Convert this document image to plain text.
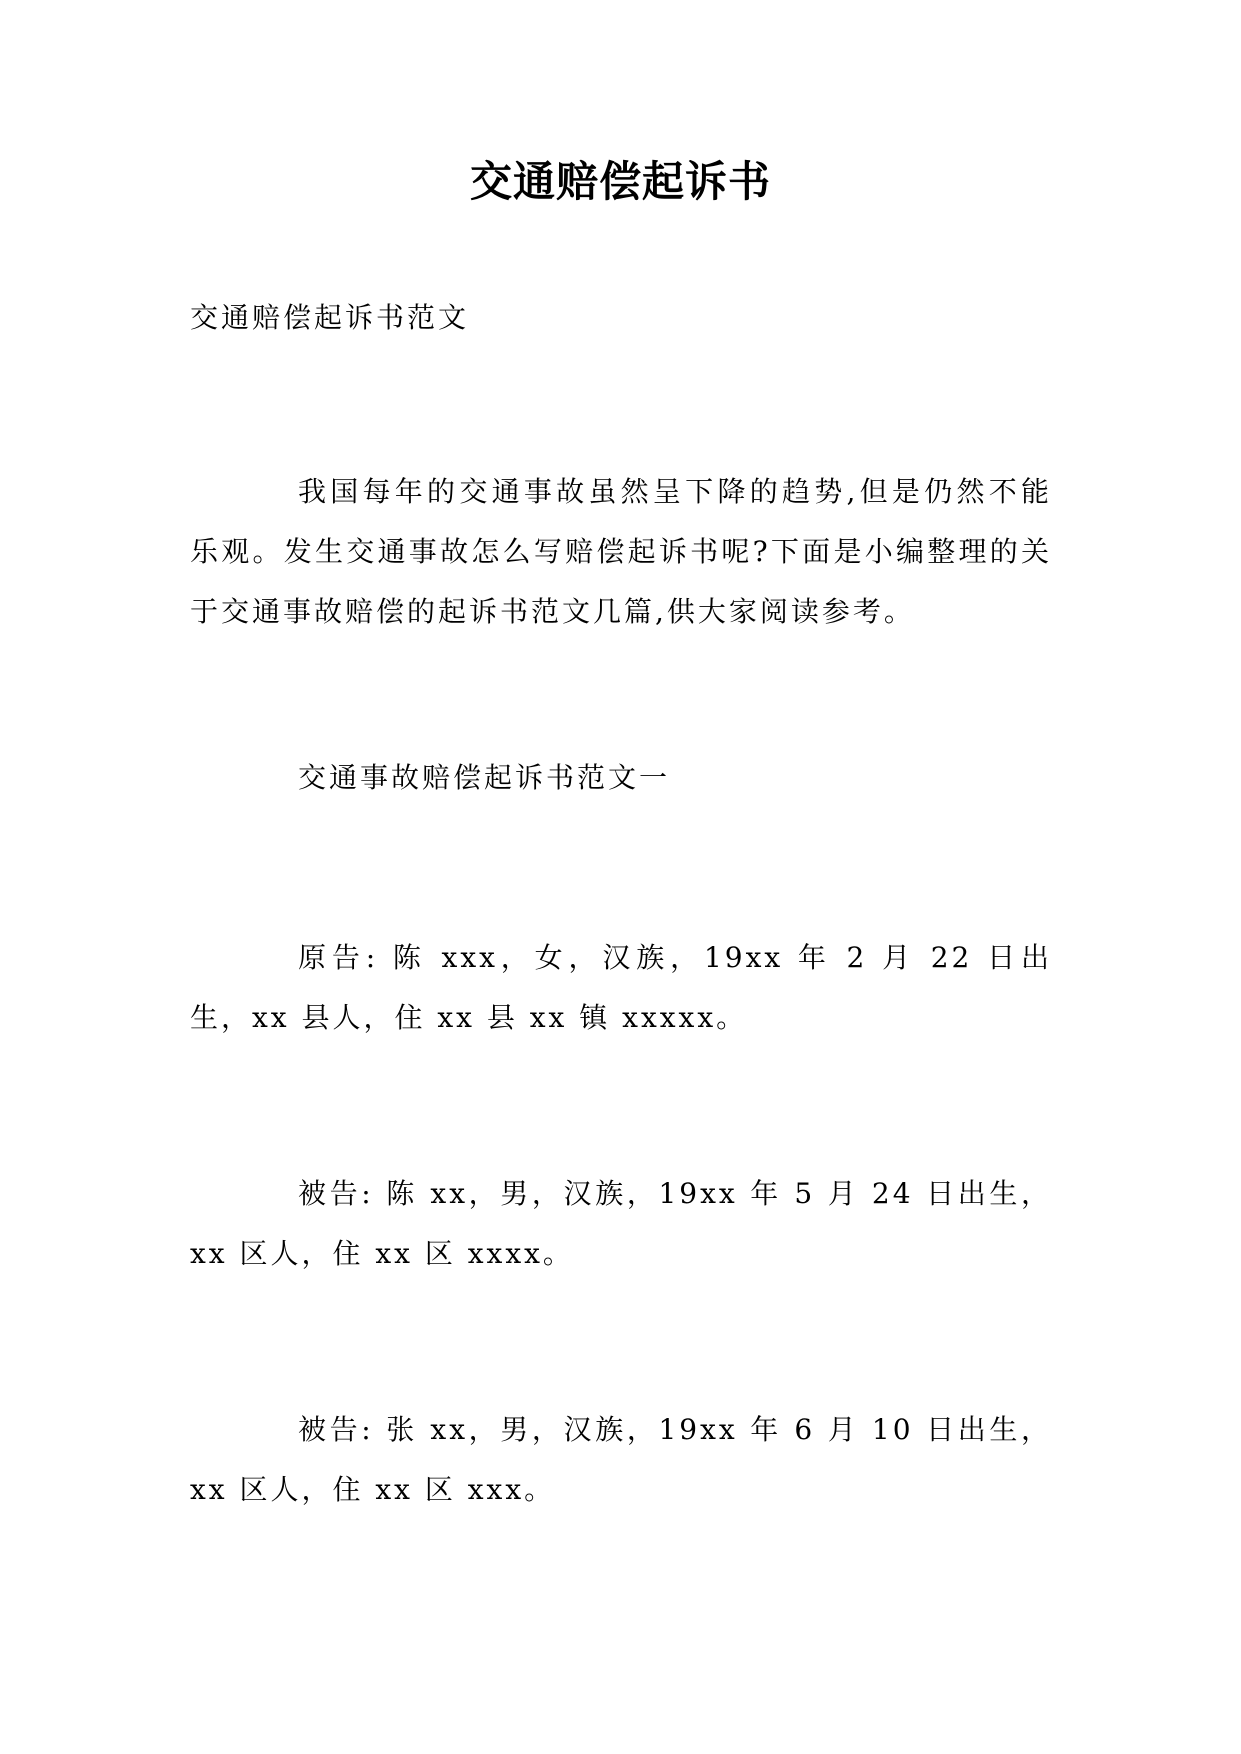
交通赔偿起诉书
交通赔偿起诉书范文
我国每年的交通事故虽然呈下降的趋势,但是仍然不能乐观。发生交通事故怎么写赔偿起诉书呢?下面是小编整理的关于交通事故赔偿的起诉书范文几篇,供大家阅读参考。
交通事故赔偿起诉书范文一
原告: 陈 xxx，女，汉族，19xx 年 2 月 22 日出生，xx 县人，住 xx 县 xx 镇 xxxxx。
被告: 陈 xx，男，汉族，19xx 年 5 月 24 日出生，xx 区人，住 xx 区 xxxx。
被告: 张 xx，男，汉族，19xx 年 6 月 10 日出生，xx 区人，住 xx 区 xxx。
